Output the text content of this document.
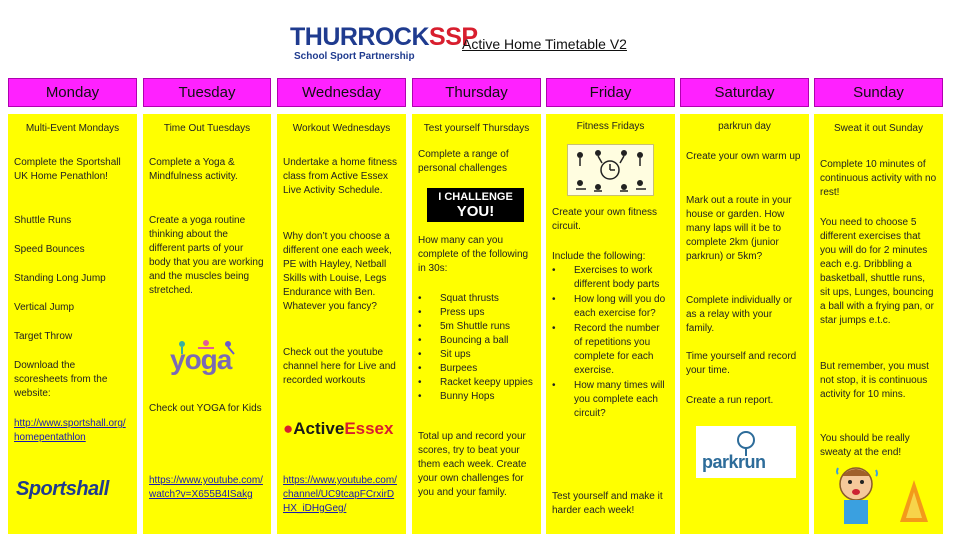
THURROCKSSP
School Sport Partnership
Active Home Timetable V2
Monday	Tuesday	Wednesday	Thursday	Friday	Saturday	Sunday
Multi-Event Mondays
Complete the Sportshall UK Home Penathlon!
Shuttle Runs
Speed Bounces
Standing Long Jump
Vertical Jump
Target Throw
Download the scoresheets from the website:
http://www.sportshall.org/homepentathlon
Sportshall
Time Out Tuesdays
Complete a Yoga & Mindfulness activity.
Create a yoga routine thinking about the different parts of your body that you are working and the muscles being stretched.
Check out YOGA for Kids
https://www.youtube.com/watch?v=X655B4ISakg
yoga
Workout Wednesdays
Undertake a home fitness class from Active Essex Live Activity Schedule.
Why don’t you choose a different one each week, PE with Hayley, Netball Skills with Louise, Legs Endurance with Ben. Whatever you fancy?
Check out the youtube channel here for Live and recorded workouts
https://www.youtube.com/channel/UC9tcapFCrxirDHX_iDHgGeg/
●ActiveEssex
Test yourself Thursdays
Complete a range of personal challenges
How many can you complete of the following in 30s:
• Squat thrusts
• Press ups
• 5m Shuttle runs
• Bouncing a ball
• Sit ups
• Burpees
• Racket keepy uppies
• Bunny Hops
Total up and record your scores, try to beat your them each week. Create your own challenges for you and your family.
I CHALLENGE
YOU!
Fitness Fridays
Create your own fitness circuit.
Include the following:
• Exercises to work different body parts
• How long will you do each exercise for?
• Record the number of repetitions you complete for each exercise.
• How many times will you complete each circuit?
Test yourself and make it harder each week!
parkrun day
Create your own warm up
Mark out a route in your house or garden. How many laps will it be to complete 2km (junior parkrun) or 5km?
Complete individually or as a relay with your family.
Time yourself and record your time.
Create a run report.
parkrun
Sweat it out Sunday
Complete 10 minutes of continuous activity with no rest!
You need to choose 5 different exercises that you will do for 2 minutes each e.g. Dribbling a basketball, shuttle runs, sit ups, Lunges, bouncing a ball with a frying pan, or star jumps e.t.c.
But remember, you must not stop, it is continuous activity for 10 mins.
You should be really sweaty at the end!
